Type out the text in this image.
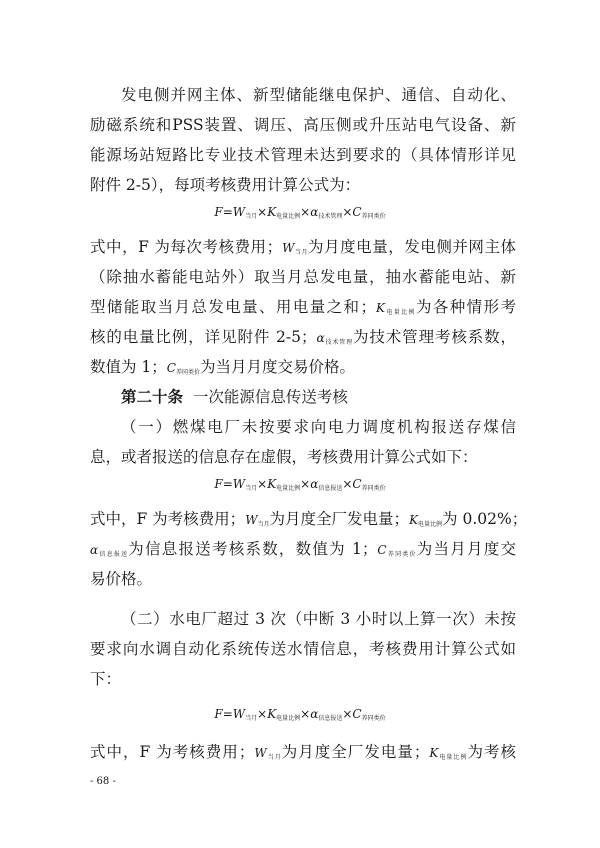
发电侧并网主体、新型储能继电保护、通信、自动化、
励磁系统和PSS装置、调压、高压侧或升压站电气设备、新
能源场站短路比专业技术管理未达到要求的（具体情形详见
附件 2-5），每项考核费用计算公式为：
$F=W_{当月}\times K_{电量比例}\times\alpha_{技术管理}\times C_{养同类价}$
式中，F 为每次考核费用；$W_{当月}$为月度电量，发电侧并网主体
（除抽水蓄能电站外）取当月总发电量，抽水蓄能电站、新
型储能取当月总发电量、用电量之和；$K_{电量比例}$为各种情形考
核的电量比例，详见附件 2-5；$\alpha_{技术管理}$为技术管理考核系数，
数值为 1；$C_{养同类价}$为当月月度交易价格。
第二十条 一次能源信息传送考核
（一）燃煤电厂未按要求向电力调度机构报送存煤信
息，或者报送的信息存在虚假，考核费用计算公式如下：
$F=W_{当月}\times K_{电量比例}\times\alpha_{信息报送}\times C_{养同类价}$
式中，F 为考核费用；$W_{当月}$为月度全厂发电量；$K_{电量比例}$为 0.02%；
$\alpha_{信息报送}$为信息报送考核系数，数值为 1；$C_{养同类价}$为当月月度交
易价格。
（二）水电厂超过 3 次（中断 3 小时以上算一次）未按
要求向水调自动化系统传送水情信息，考核费用计算公式如
下：
$F=W_{当月}\times K_{电量比例}\times\alpha_{信息报送}\times C_{养同类价}$
式中，F 为考核费用；$W_{当月}$为月度全厂发电量；$K_{电量比例}$为考核
- 68 -
